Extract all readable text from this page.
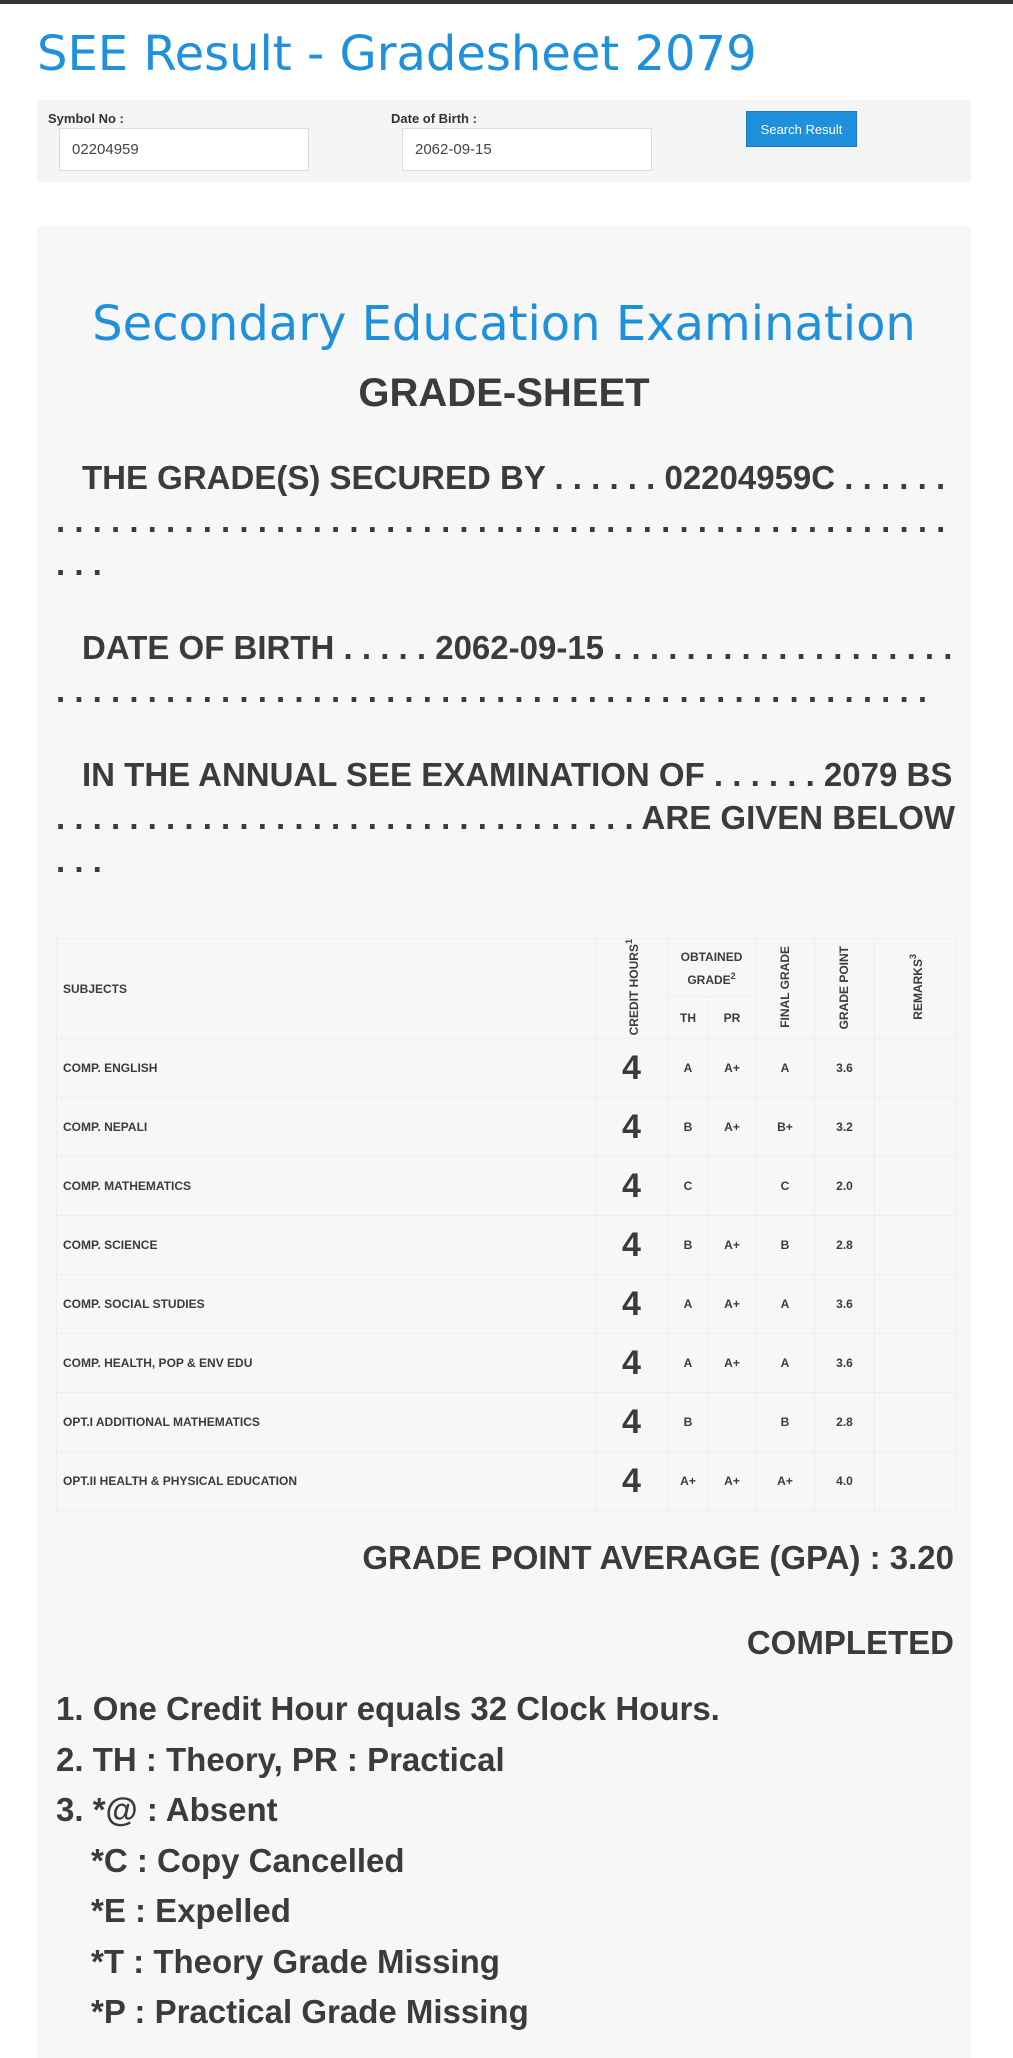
SEE Result - Gradesheet 2079
Symbol No :
02204959	Date of Birth :
2062-09-15
Search Result
Secondary Education Examination
GRADE-SHEET
THE GRADE(S) SECURED BY . . . . . . 02204959C . . . . . . . . . . . . . . . . . . . . . . . . . . . . . . . . . . . . . . . . . . . . . . . . . . . . . . . . . .
DATE OF BIRTH . . . . . 2062-09-15 . . . . . . . . . . . . . . . . . . . . . . . . . . . . . . . . . . . . . . . . . . . . . . . . . . . . . . . . . . . . . . . . . . .
IN THE ANNUAL SEE EXAMINATION OF . . . . . . 2079 BS . . . . . . . . . . . . . . . . . . . . . . . . . . . . . . . . ARE GIVEN BELOW . . .
SUBJECTS	CREDIT HOURS$^1$	OBTAINED GRADE$^2$		FINAL GRADE	GRADE POINT	REMARKS$^3$
		TH	PR			
COMP. ENGLISH	4	A	A+	A	3.6	
COMP. NEPALI	4	B	A+	B+	3.2	
COMP. MATHEMATICS	4	C		C	2.0	
COMP. SCIENCE	4	B	A+	B	2.8	
COMP. SOCIAL STUDIES	4	A	A+	A	3.6	
COMP. HEALTH, POP & ENV EDU	4	A	A+	A	3.6	
OPT.I ADDITIONAL MATHEMATICS	4	B		B	2.8	
OPT.II HEALTH & PHYSICAL EDUCATION	4	A+	A+	A+	4.0	
GRADE POINT AVERAGE (GPA) : 3.20
COMPLETED
1. One Credit Hour equals 32 Clock Hours.
2. TH : Theory, PR : Practical
3. *@ : Absent
*C : Copy Cancelled
*E : Expelled
*T : Theory Grade Missing
*P : Practical Grade Missing
